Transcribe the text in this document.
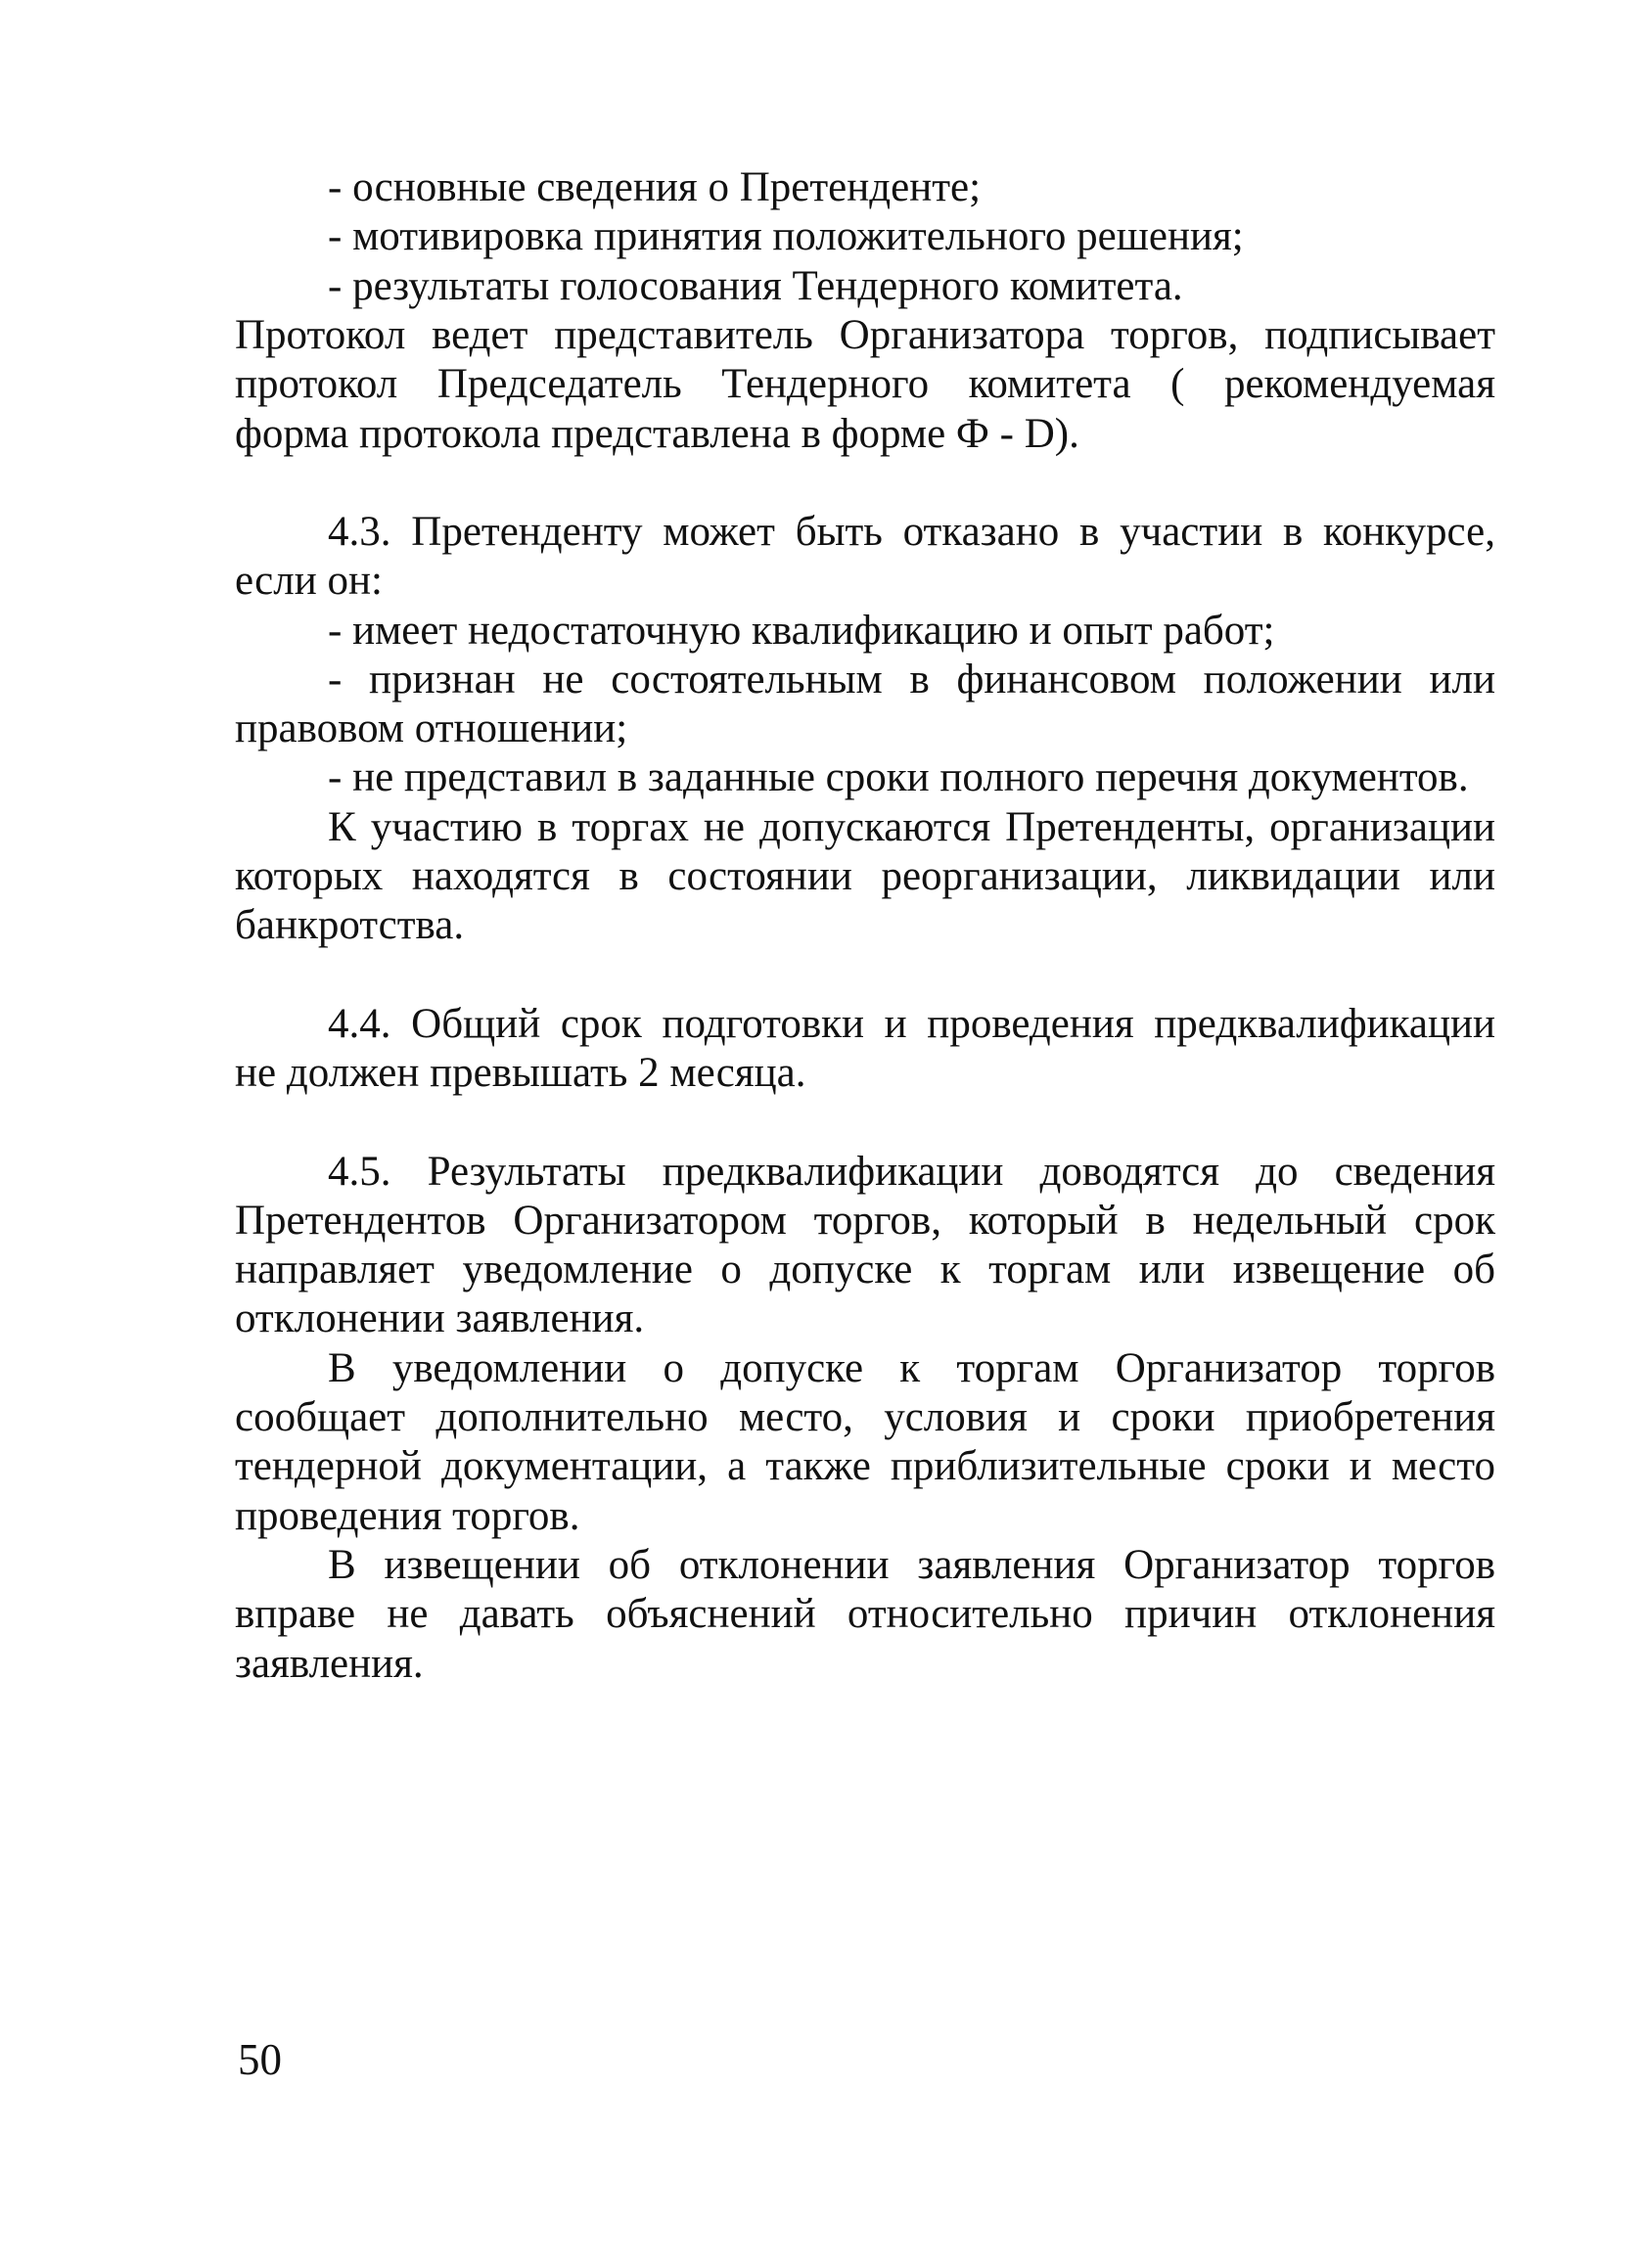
- основные сведения о Претенденте;
- мотивировка принятия положительного решения;
- результаты голосования Тендерного комитета.
Протокол ведет представитель Организатора торгов, подписывает
протокол Председатель Тендерного комитета ( рекомендуемая
форма протокола представлена в форме Ф - D).
4.3. Претенденту может быть отказано в участии в конкурсе,
если он:
- имеет недостаточную квалификацию и опыт работ;
- признан не состоятельным в финансовом положении или
правовом отношении;
- не представил в заданные сроки полного перечня документов.
К участию в торгах не допускаются Претенденты, организации
которых находятся в состоянии реорганизации, ликвидации или
банкротства.
4.4. Общий срок подготовки и проведения предквалификации
не должен превышать 2 месяца.
4.5. Результаты предквалификации доводятся до сведения
Претендентов Организатором торгов, который в недельный срок
направляет уведомление о допуске к торгам или извещение об
отклонении заявления.
В уведомлении о допуске к торгам Организатор торгов
сообщает дополнительно место, условия и сроки приобретения
тендерной документации, а также приблизительные сроки и место
проведения торгов.
В извещении об отклонении заявления Организатор торгов
вправе не давать объяснений относительно причин отклонения
заявления.
50
